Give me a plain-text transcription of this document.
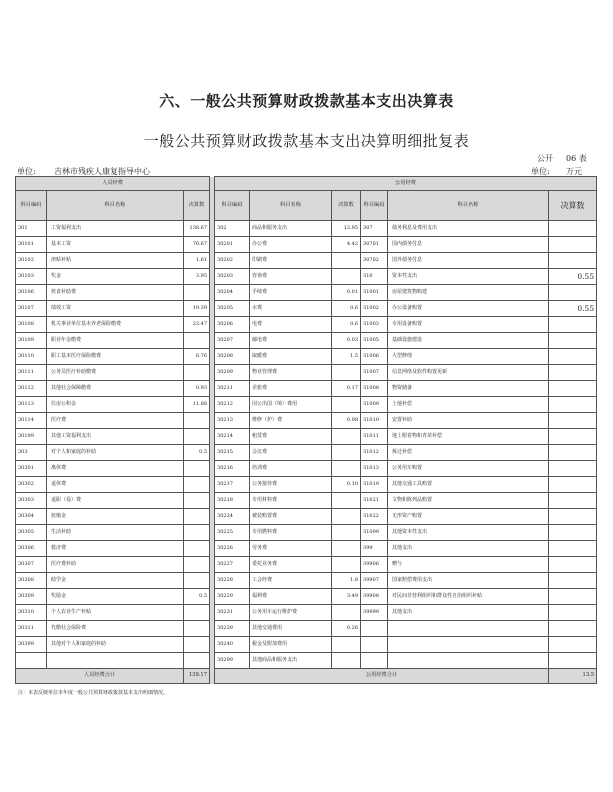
六、一般公共预算财政拨款基本支出决算表
一般公共预算财政拨款基本支出决算明细批复表
公开 06 表
单位: 吉林市残疾人康复指导中心	单位: 万元
人员经费				公用经费					
科目编码	科目名称	决算数		科目编码	科目名称	决算数	科目编码	科目名称	决算数
301	工资福利支出	138.67		302	商品和服务支出	12.95	307	债务利息及费用支出	
30101	基本工资	70.67		30201	办公费	4.42	30701	国内债务付息	
30102	津贴补贴	1.61		30202	印刷费		30702	国外债务付息	
30103	奖金	3.95		30203	咨询费		310	资本性支出	0.55
30106	伙食补助费			30204	手续费	0.01	31001	房屋建筑物购建	
30107	绩效工资	19.39		30205	水费	0.6	31002	办公设备购置	0.55
30108	机关事业单位基本养老保险缴费	23.47		30206	电费	0.6	31003	专用设备购置	
30109	职业年金缴费			30207	邮电费	0.03	31005	基础设施建设	
30110	职工基本医疗保险缴费	6.76		30208	取暖费	1.5	31006	大型修缮	
30111	公务员医疗补助缴费			30209	物业管理费		31007	信息网络及软件购置更新	
30112	其他社会保障缴费	0.93		30211	差旅费	0.17	31008	物资储备	
30113	住房公积金	11.88		30212	因公出国（境）费用		31009	土地补偿	
30114	医疗费			30213	维修（护）费	0.08	31010	安置补助	
30199	其他工资福利支出			30214	租赁费		31011	地上附着物和青苗补偿	
303	对个人和家庭的补助	0.5		30215	会议费		31012	拆迁补偿	
30301	离休费			30216	培训费		31013	公务用车购置	
30302	退休费			30217	公务接待费	0.10	31019	其他交通工具购置	
30303	退职（役）费			30218	专用材料费		31021	文物和陈列品购置	
30304	抚恤金			30224	被装购置费		31022	无形资产购置	
30305	生活补助			30225	专用燃料费		31099	其他资本性支出	
30306	救济费			30226	劳务费		399	其他支出	
30307	医疗费补助			30227	委托业务费		39906	赠与	
30308	助学金			30228	工会经费	1.8	39907	国家赔偿费用支出	
30309	奖励金	0.5		30229	福利费	3.49	39908	对民间非营利组织和群众性自治组织补贴	
30310	个人农业生产补贴			30231	公务用车运行维护费		39999	其他支出	
30311	代缴社会保险费			30239	其他交通费用	0.26			
30399	其他对个人和家庭的补助			30240	税金及附加费用				
				30299	其他商品和服务支出				
人员经费合计		139.17		公用经费合计					13.5
注：本表反映单位本年度一般公共预算财政拨款基本支出明细情况。
